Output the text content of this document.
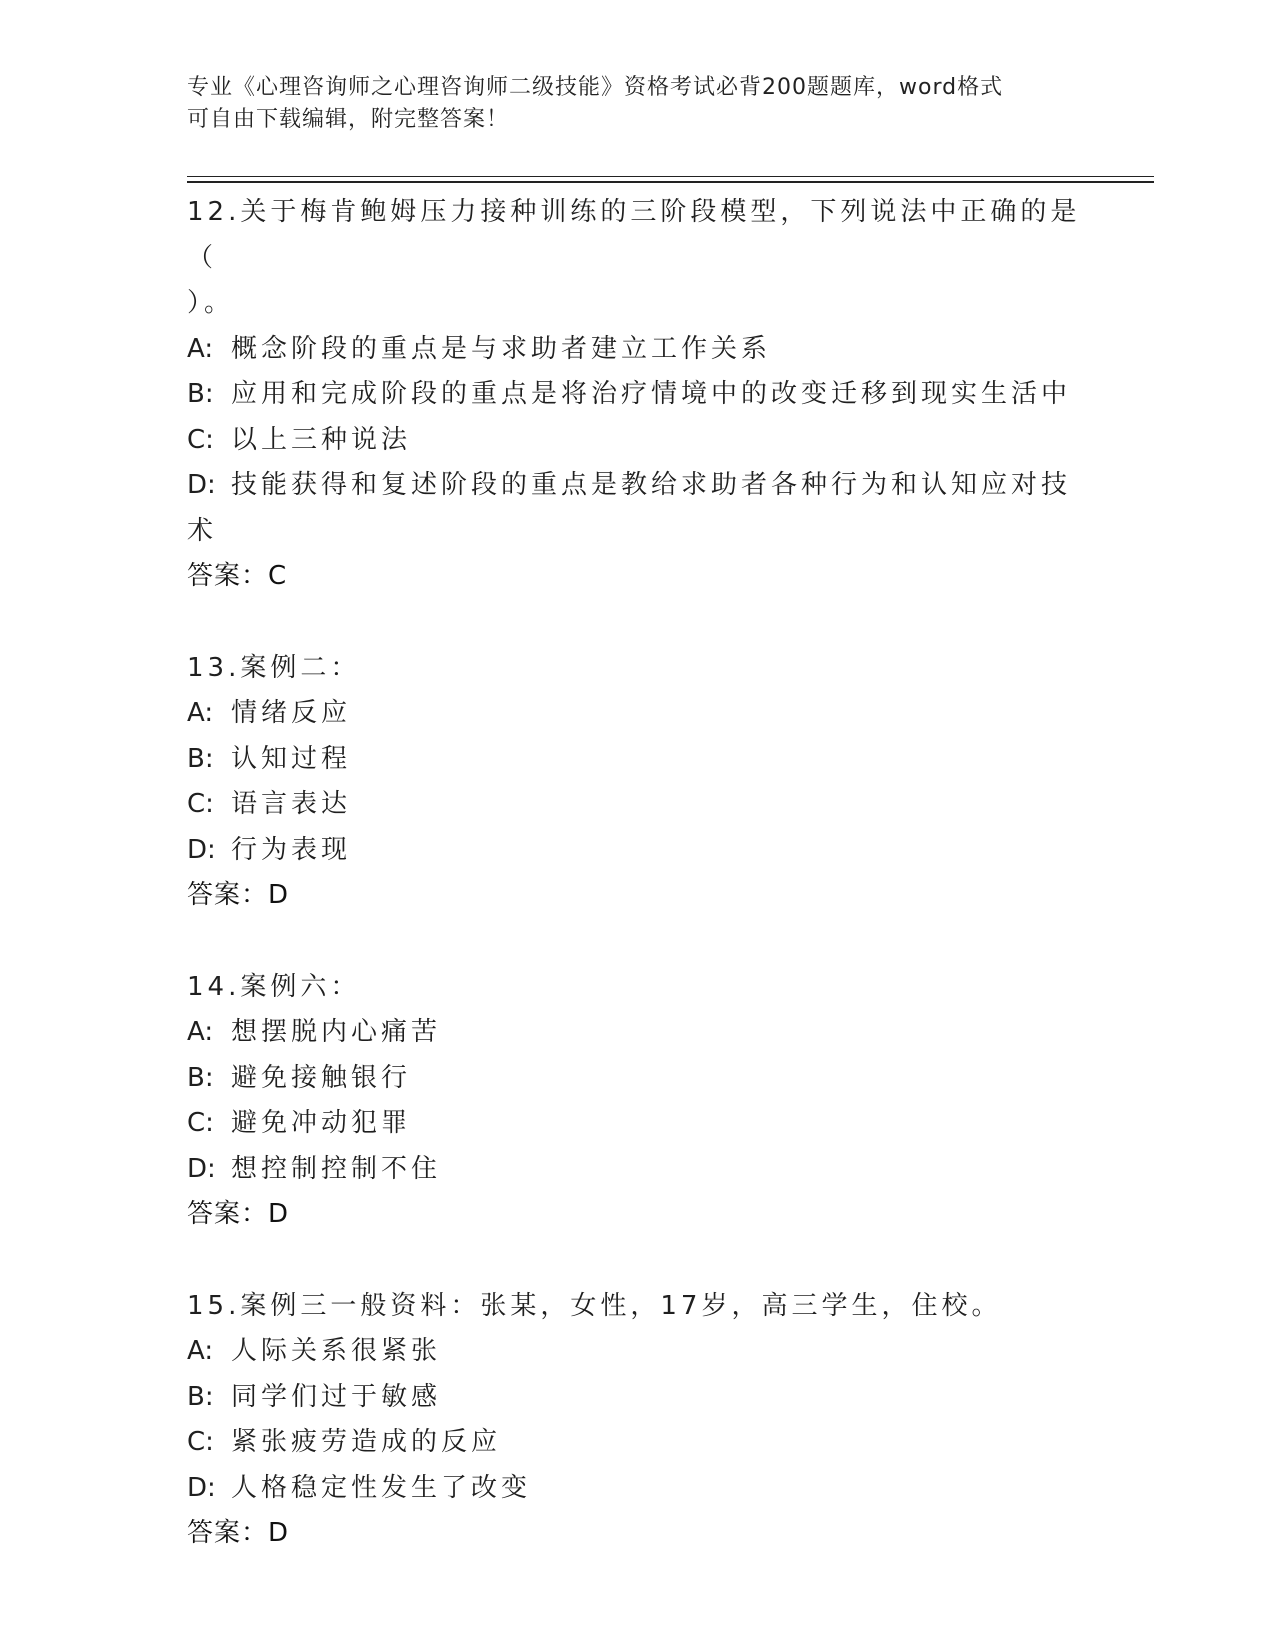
专业《心理咨询师之心理咨询师二级技能》资格考试必背200题题库，word格式
可自由下载编辑，附完整答案！
12.关于梅肯鲍姆压力接种训练的三阶段模型，下列说法中正确的是（
）。
A: 概念阶段的重点是与求助者建立工作关系
B: 应用和完成阶段的重点是将治疗情境中的改变迁移到现实生活中
C: 以上三种说法
D: 技能获得和复述阶段的重点是教给求助者各种行为和认知应对技术
答案：C
13.案例二：
A: 情绪反应
B: 认知过程
C: 语言表达
D: 行为表现
答案：D
14.案例六：
A: 想摆脱内心痛苦
B: 避免接触银行
C: 避免冲动犯罪
D: 想控制控制不住
答案：D
15.案例三一般资料：张某，女性，17岁，高三学生，住校。
A: 人际关系很紧张
B: 同学们过于敏感
C: 紧张疲劳造成的反应
D: 人格稳定性发生了改变
答案：D
